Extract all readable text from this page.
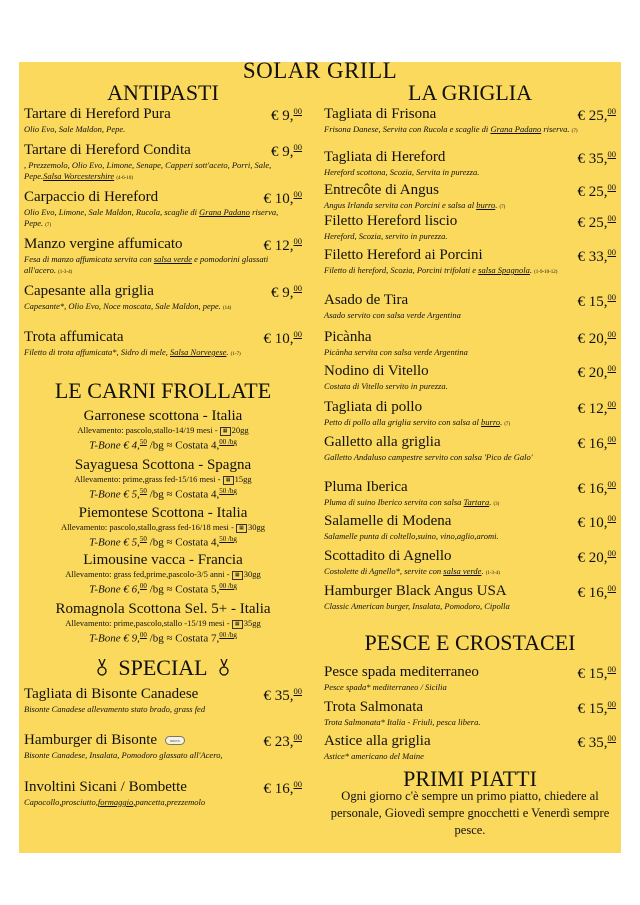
SOLAR GRILL
ANTIPASTI
Tartare di Hereford Pura	€ 9,00
Olio Evo, Sale Maldon, Pepe.
Tartare di Hereford Condita	€ 9,00
, Prezzemolo, Olio Evo, Limone, Senape, Capperi sott'aceto, Porri, Sale, Pepe.Salsa Worcestershire (4-6-10)
Carpaccio di Hereford	€ 10,00
Olio Evo, Limone, Sale Maldon, Rucola, scaglie di Grana Padano riserva, Pepe. (7)
Manzo vergine affumicato	€ 12,00
Fesa di manzo affumicata servita con salsa verde e pomodorini glassati all'acero. (1-3-4)
Capesante alla griglia	€ 9,00
Capesante*, Olio Evo, Noce moscata, Sale Maldon, pepe. (14)
Trota affumicata	€ 10,00
Filetto di trota affumicata*, Sidro di mele, Salsa Norvegese. (1-7)
LE CARNI FROLLATE
Garronese scottona - Italia
Allevamento: pascolo,stallo-14/19 mesi - ▦ 20gg
T-Bone € 4,50 /bg ≈ Costata 4,00 $^{/bg}$
Sayaguesa Scottona - Spagna
Allevamento: prime,grass fed-15/16 mesi - ▦ 15gg
T-Bone € 5,50 /bg ≈ Costata 4,50 $^{/bg}$
Piemontese Scottona - Italia
Allevamento: pascolo,stallo,grass fed-16/18 mesi - ▦ 30gg
T-Bone € 5,50 /bg ≈ Costata 4,50 $^{/bg}$
Limousine vacca - Francia
Allevamento: grass fed,prime,pascolo-3/5 anni - ▦ 30gg
T-Bone € 6,00 /bg ≈ Costata 5,00 $^{/bg}$
Romagnola Scottona Sel. 5+ - Italia
Allevamento: prime,pascolo,stallo -15/19 mesi - ▦ 35gg
T-Bone € 9,00 /bg ≈ Costata 7,00 $^{/bg}$
SPECIAL
Tagliata di Bisonte Canadese	€ 35,00
Bisonte Canadese allevamento stato brado, grass fed
Hamburger di Bisonte	nuovo	€ 23,00
Bisonte Canadese, Insalata, Pomodoro glassato all'Acero,
Involtini Sicani / Bombette	€ 16,00
Capocollo,prosciutto,formaggio,pancetta,prezzemolo
LA GRIGLIA
Tagliata di Frisona	€ 25,00
Frisona Danese, Servita con Rucola e scaglie di Grana Padano riserva. (7)
Tagliata di Hereford	€ 35,00
Hereford scottona, Scozia, Servita in purezza.
Entrecôte di Angus	€ 25,00
Angus Irlanda servita con Porcini e salsa al burro. (7)
Filetto Hereford liscio	€ 25,00
Hereford, Scozia, servito in purezza.
Filetto Hereford ai Porcini	€ 33,00
Filetto di hereford, Scozia, Porcini trifolati e salsa Spagnola. (1-9-10-12)
Asado de Tira	€ 15,00
Asado servito con salsa verde Argentina
Picànha	€ 20,00
Picànha servita con salsa verde Argentina
Nodino di Vitello	€ 20,00
Costata di Vitello servito in purezza.
Tagliata di pollo	€ 12,00
Petto di pollo alla griglia servito con salsa al burro. (7)
Galletto alla griglia	€ 16,00
Galletto Andaluso campestre servito con salsa 'Pico de Galo'
Pluma Iberica	€ 16,00
Pluma di suino Iberico servita con salsa Tartara. (3)
Salamelle di Modena	€ 10,00
Salamelle punta di coltello,suino, vino,aglio,aromi.
Scottadito di Agnello	€ 20,00
Costolette di Agnello*, servite con salsa verde. (1-3-4)
Hamburger Black Angus USA	€ 16,00
Classic American burger, Insalata, Pomodoro, Cipolla
PESCE E CROSTACEI
Pesce spada mediterraneo	€ 15,00
Pesce spada* mediterraneo / Sicilia
Trota Salmonata	€ 15,00
Trota Salmonata* Italia - Friuli, pesca libera.
Astice alla griglia	€ 35,00
Astice* americano del Maine
PRIMI PIATTI
Ogni giorno c'è sempre un primo piatto, chiedere al personale, Giovedì sempre gnocchetti e Venerdì sempre pesce.
